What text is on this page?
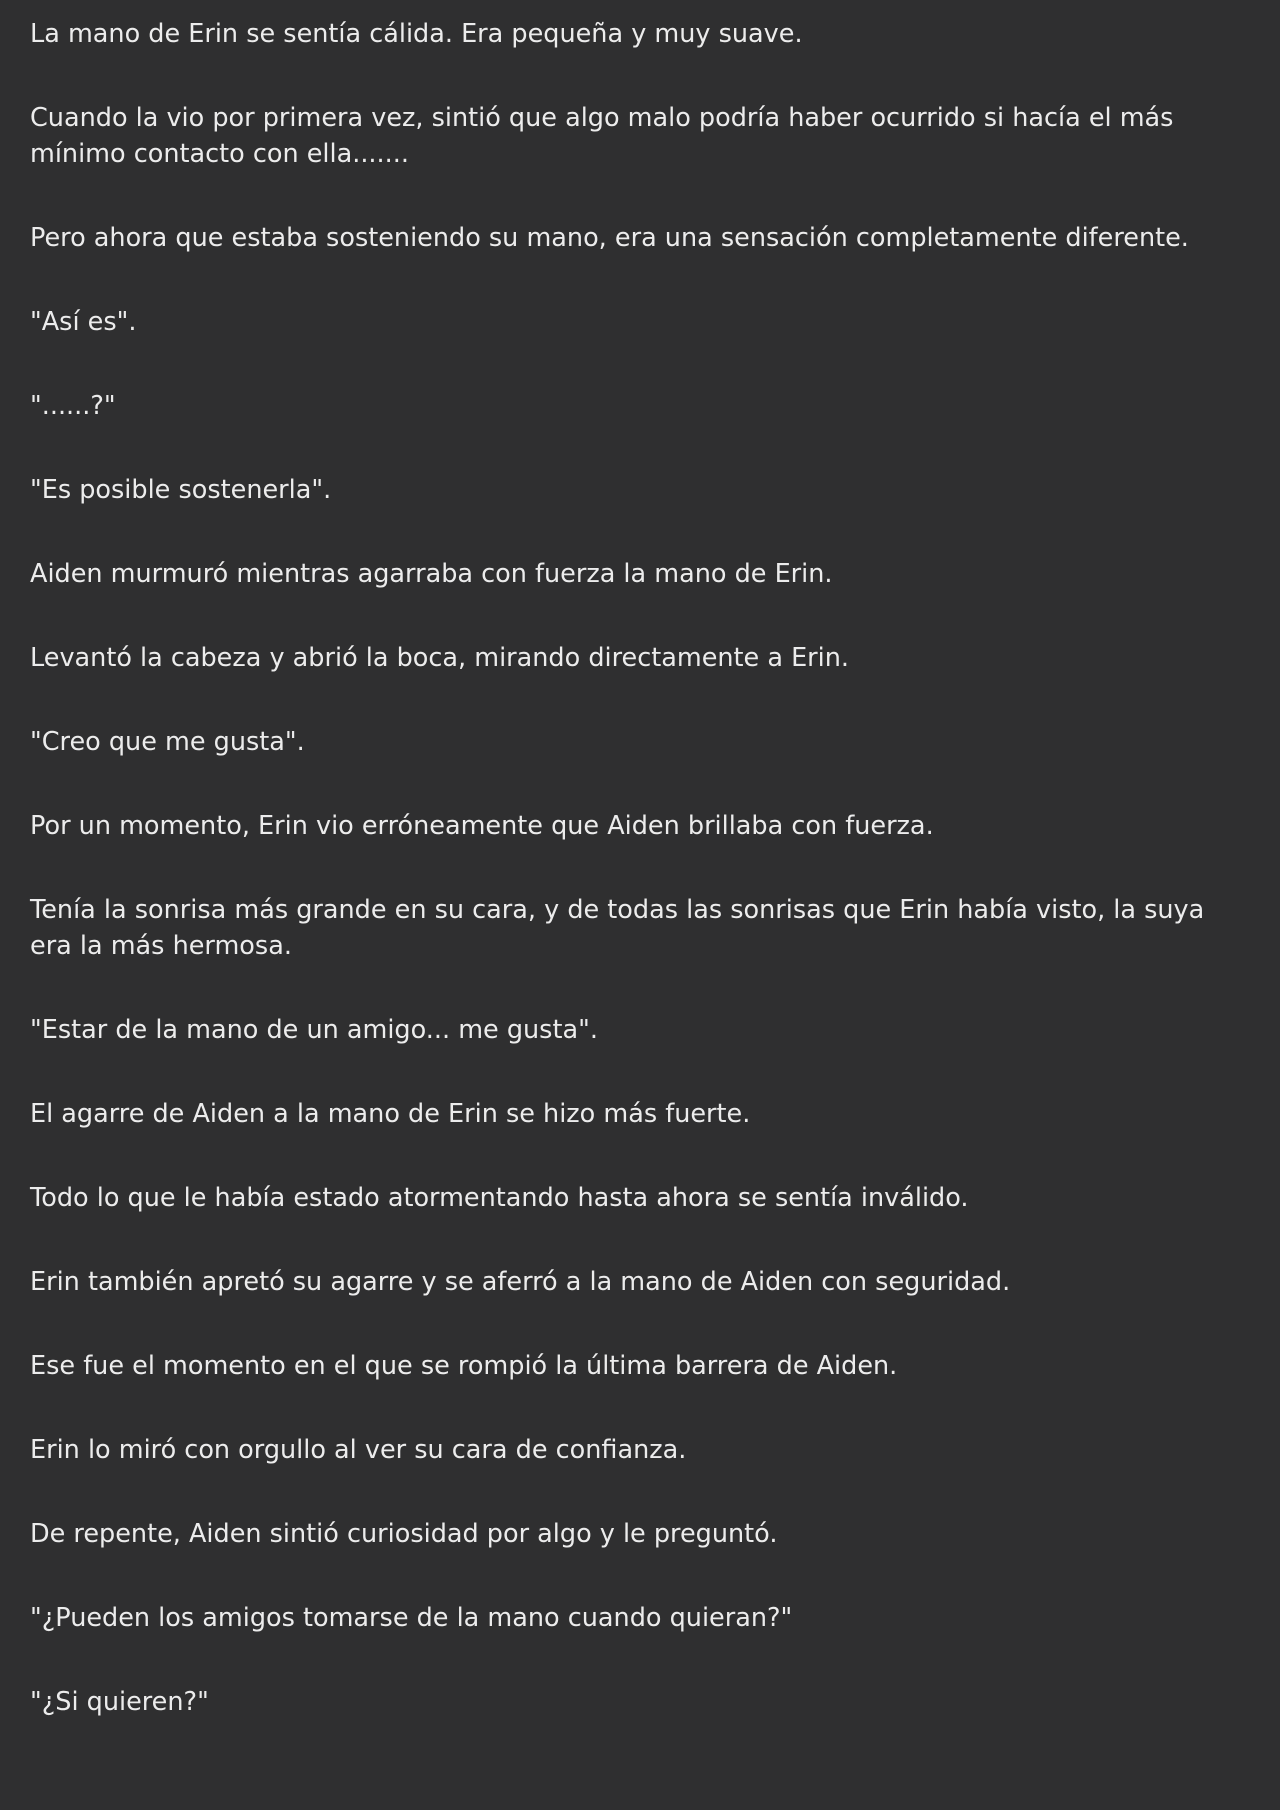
La mano de Erin se sentía cálida. Era pequeña y muy suave.

Cuando la vio por primera vez, sintió que algo malo podría haber ocurrido si hacía el más mínimo contacto con ella.......

Pero ahora que estaba sosteniendo su mano, era una sensación completamente diferente.

"Así es".

"......?"

"Es posible sostenerla".

Aiden murmuró mientras agarraba con fuerza la mano de Erin.

Levantó la cabeza y abrió la boca, mirando directamente a Erin.

"Creo que me gusta".

Por un momento, Erin vio erróneamente que Aiden brillaba con fuerza.

Tenía la sonrisa más grande en su cara, y de todas las sonrisas que Erin había visto, la suya era la más hermosa.

"Estar de la mano de un amigo... me gusta".

El agarre de Aiden a la mano de Erin se hizo más fuerte.

Todo lo que le había estado atormentando hasta ahora se sentía inválido.

Erin también apretó su agarre y se aferró a la mano de Aiden con seguridad.

Ese fue el momento en el que se rompió la última barrera de Aiden.

Erin lo miró con orgullo al ver su cara de confianza.

De repente, Aiden sintió curiosidad por algo y le preguntó.

"¿Pueden los amigos tomarse de la mano cuando quieran?"

"¿Si quieren?"
